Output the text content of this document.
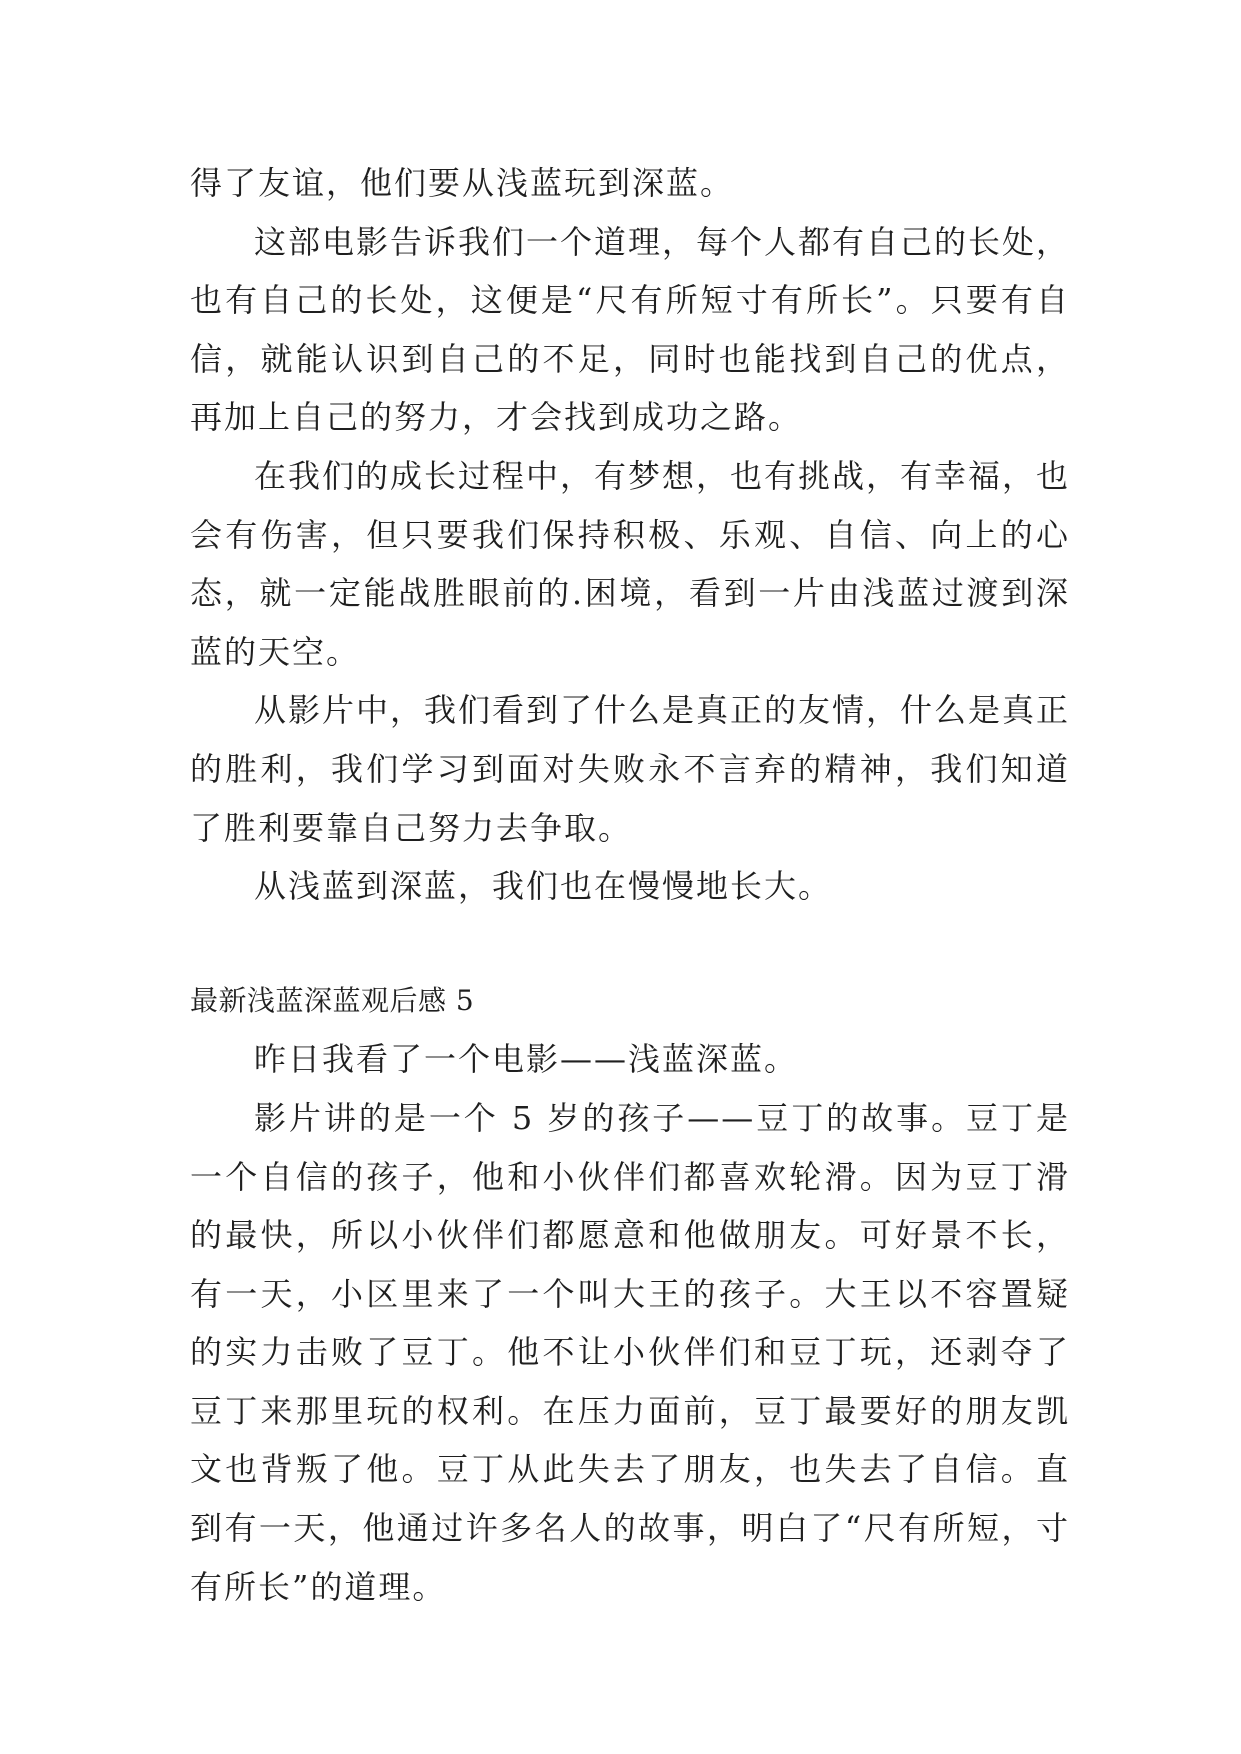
得了友谊，他们要从浅蓝玩到深蓝。

这部电影告诉我们一个道理，每个人都有自己的长处，也有自己的长处，这便是“尺有所短寸有所长”。只要有自信，就能认识到自己的不足，同时也能找到自己的优点，再加上自己的努力，才会找到成功之路。

在我们的成长过程中，有梦想，也有挑战，有幸福，也会有伤害，但只要我们保持积极、乐观、自信、向上的心态，就一定能战胜眼前的.困境，看到一片由浅蓝过渡到深蓝的天空。

从影片中，我们看到了什么是真正的友情，什么是真正的胜利，我们学习到面对失败永不言弃的精神，我们知道了胜利要靠自己努力去争取。

从浅蓝到深蓝，我们也在慢慢地长大。

最新浅蓝深蓝观后感 5

昨日我看了一个电影——浅蓝深蓝。

影片讲的是一个 5 岁的孩子——豆丁的故事。豆丁是一个自信的孩子，他和小伙伴们都喜欢轮滑。因为豆丁滑的最快，所以小伙伴们都愿意和他做朋友。可好景不长，有一天，小区里来了一个叫大王的孩子。大王以不容置疑的实力击败了豆丁。他不让小伙伴们和豆丁玩，还剥夺了豆丁来那里玩的权利。在压力面前，豆丁最要好的朋友凯文也背叛了他。豆丁从此失去了朋友，也失去了自信。直到有一天，他通过许多名人的故事，明白了“尺有所短，寸有所长”的道理。
